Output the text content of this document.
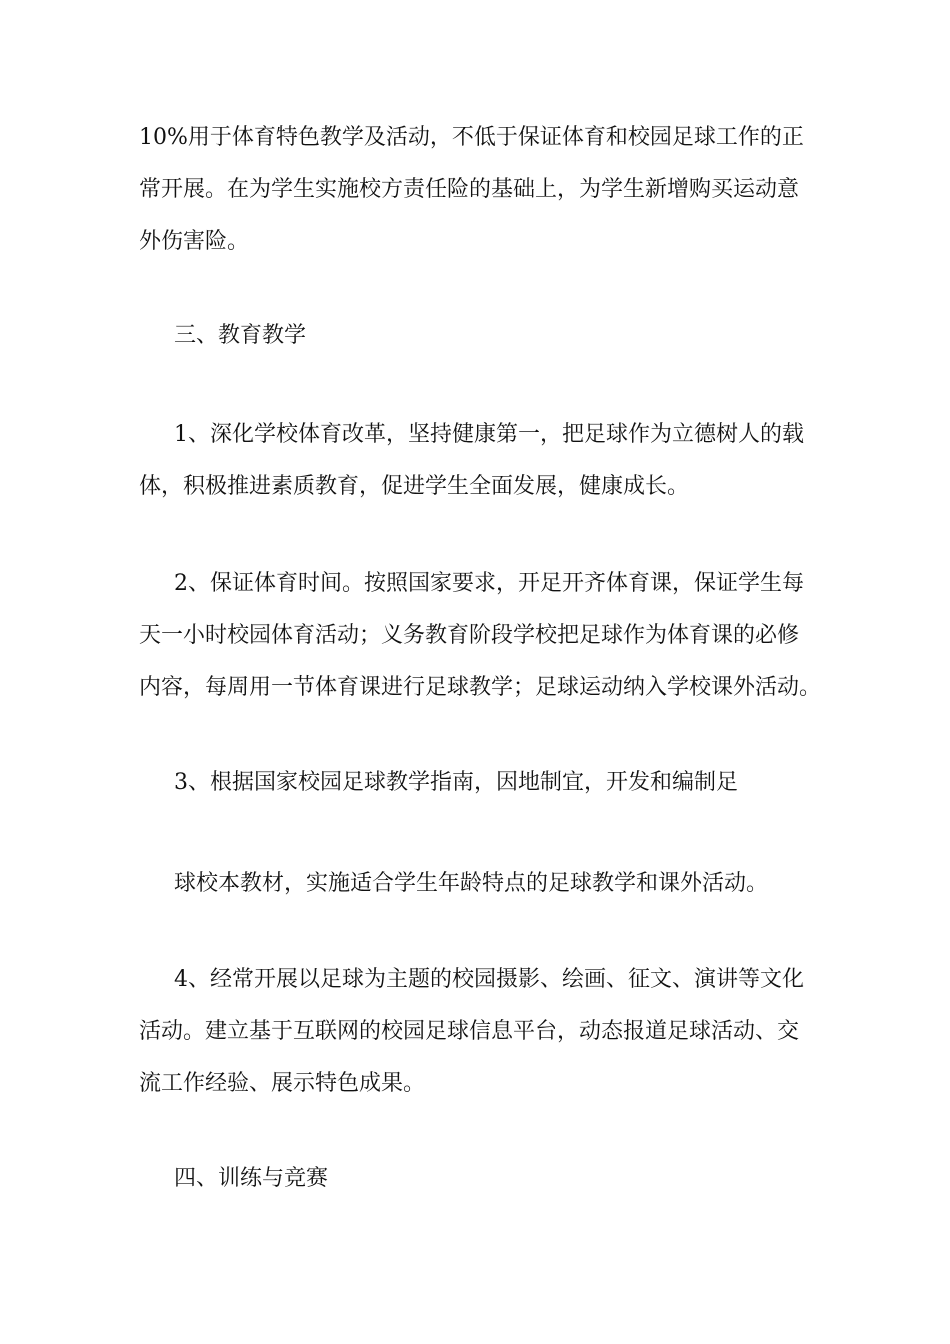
10%用于体育特色教学及活动，不低于保证体育和校园足球工作的正
常开展。在为学生实施校方责任险的基础上，为学生新增购买运动意
外伤害险。
三、教育教学
1、深化学校体育改革，坚持健康第一，把足球作为立德树人的载
体，积极推进素质教育，促进学生全面发展，健康成长。
2、保证体育时间。按照国家要求，开足开齐体育课，保证学生每
天一小时校园体育活动；义务教育阶段学校把足球作为体育课的必修
内容，每周用一节体育课进行足球教学；足球运动纳入学校课外活动。
3、根据国家校园足球教学指南，因地制宜，开发和编制足
球校本教材，实施适合学生年龄特点的足球教学和课外活动。
4、经常开展以足球为主题的校园摄影、绘画、征文、演讲等文化
活动。建立基于互联网的校园足球信息平台，动态报道足球活动、交
流工作经验、展示特色成果。
四、训练与竞赛
